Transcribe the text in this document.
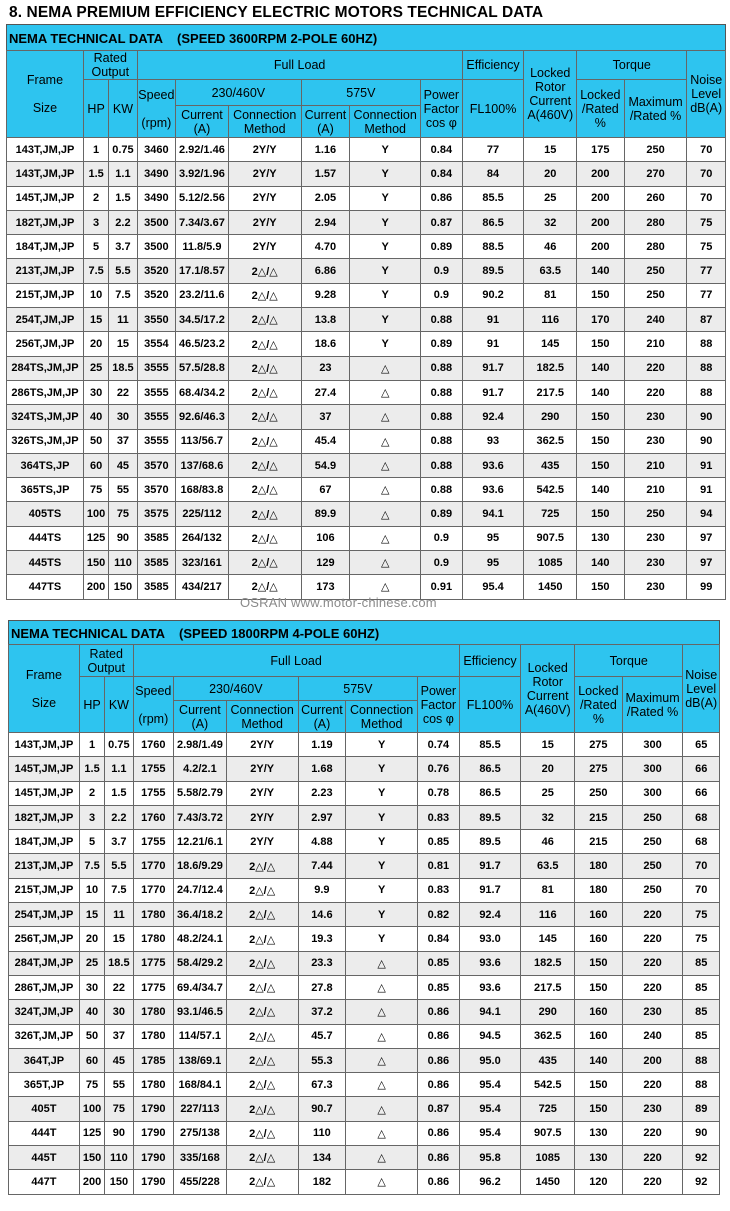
8. NEMA PREMIUM EFFICIENCY ELECTRIC MOTORS TECHNICAL DATA
NEMA TECHNICAL DATA    (SPEED 3600RPM 2-POLE 60HZ)
Frame

Size	Rated Output		Full Load						Efficiency	Locked Rotor Current A(460V)	Torque		Noise Level dB(A)
	HP	KW	Speed

(rpm)	230/460V		575V		Power Factor cos φ	FL100%		Locked /Rated %	Maximum /Rated %	
				Current (A)	Connection Method	Current (A)	Connection Method						
143T,JM,JP	1	0.75	3460	2.92/1.46	2Y/Y	1.16	Y	0.84	77	15	175	250	70
143T,JM,JP	1.5	1.1	3490	3.92/1.96	2Y/Y	1.57	Y	0.84	84	20	200	270	70
145T,JM,JP	2	1.5	3490	5.12/2.56	2Y/Y	2.05	Y	0.86	85.5	25	200	260	70
182T,JM,JP	3	2.2	3500	7.34/3.67	2Y/Y	2.94	Y	0.87	86.5	32	200	280	75
184T,JM,JP	5	3.7	3500	11.8/5.9	2Y/Y	4.70	Y	0.89	88.5	46	200	280	75
213T,JM,JP	7.5	5.5	3520	17.1/8.57	2△/△	6.86	Y	0.9	89.5	63.5	140	250	77
215T,JM,JP	10	7.5	3520	23.2/11.6	2△/△	9.28	Y	0.9	90.2	81	150	250	77
254T,JM,JP	15	11	3550	34.5/17.2	2△/△	13.8	Y	0.88	91	116	170	240	87
256T,JM,JP	20	15	3554	46.5/23.2	2△/△	18.6	Y	0.89	91	145	150	210	88
284TS,JM,JP	25	18.5	3555	57.5/28.8	2△/△	23	△	0.88	91.7	182.5	140	220	88
286TS,JM,JP	30	22	3555	68.4/34.2	2△/△	27.4	△	0.88	91.7	217.5	140	220	88
324TS,JM,JP	40	30	3555	92.6/46.3	2△/△	37	△	0.88	92.4	290	150	230	90
326TS,JM,JP	50	37	3555	113/56.7	2△/△	45.4	△	0.88	93	362.5	150	230	90
364TS,JP	60	45	3570	137/68.6	2△/△	54.9	△	0.88	93.6	435	150	210	91
365TS,JP	75	55	3570	168/83.8	2△/△	67	△	0.88	93.6	542.5	140	210	91
405TS	100	75	3575	225/112	2△/△	89.9	△	0.89	94.1	725	150	250	94
444TS	125	90	3585	264/132	2△/△	106	△	0.9	95	907.5	130	230	97
445TS	150	110	3585	323/161	2△/△	129	△	0.9	95	1085	140	230	97
447TS	200	150	3585	434/217	2△/△	173	△	0.91	95.4	1450	150	230	99
OSRAN www.motor-chinese.com
NEMA TECHNICAL DATA    (SPEED 1800RPM 4-POLE 60HZ)
Frame

Size	Rated Output		Full Load						Efficiency	Locked Rotor Current A(460V)	Torque		Noise Level dB(A)
	HP	KW	Speed

(rpm)	230/460V		575V		Power Factor cos φ	FL100%		Locked /Rated %	Maximum /Rated %	
				Current (A)	Connection Method	Current (A)	Connection Method						
143T,JM,JP	1	0.75	1760	2.98/1.49	2Y/Y	1.19	Y	0.74	85.5	15	275	300	65
145T,JM,JP	1.5	1.1	1755	4.2/2.1	2Y/Y	1.68	Y	0.76	86.5	20	275	300	66
145T,JM,JP	2	1.5	1755	5.58/2.79	2Y/Y	2.23	Y	0.78	86.5	25	250	300	66
182T,JM,JP	3	2.2	1760	7.43/3.72	2Y/Y	2.97	Y	0.83	89.5	32	215	250	68
184T,JM,JP	5	3.7	1755	12.21/6.1	2Y/Y	4.88	Y	0.85	89.5	46	215	250	68
213T,JM,JP	7.5	5.5	1770	18.6/9.29	2△/△	7.44	Y	0.81	91.7	63.5	180	250	70
215T,JM,JP	10	7.5	1770	24.7/12.4	2△/△	9.9	Y	0.83	91.7	81	180	250	70
254T,JM,JP	15	11	1780	36.4/18.2	2△/△	14.6	Y	0.82	92.4	116	160	220	75
256T,JM,JP	20	15	1780	48.2/24.1	2△/△	19.3	Y	0.84	93.0	145	160	220	75
284T,JM,JP	25	18.5	1775	58.4/29.2	2△/△	23.3	△	0.85	93.6	182.5	150	220	85
286T,JM,JP	30	22	1775	69.4/34.7	2△/△	27.8	△	0.85	93.6	217.5	150	220	85
324T,JM,JP	40	30	1780	93.1/46.5	2△/△	37.2	△	0.86	94.1	290	160	230	85
326T,JM,JP	50	37	1780	114/57.1	2△/△	45.7	△	0.86	94.5	362.5	160	240	85
364T,JP	60	45	1785	138/69.1	2△/△	55.3	△	0.86	95.0	435	140	200	88
365T,JP	75	55	1780	168/84.1	2△/△	67.3	△	0.86	95.4	542.5	150	220	88
405T	100	75	1790	227/113	2△/△	90.7	△	0.87	95.4	725	150	230	89
444T	125	90	1790	275/138	2△/△	110	△	0.86	95.4	907.5	130	220	90
445T	150	110	1790	335/168	2△/△	134	△	0.86	95.8	1085	130	220	92
447T	200	150	1790	455/228	2△/△	182	△	0.86	96.2	1450	120	220	92
